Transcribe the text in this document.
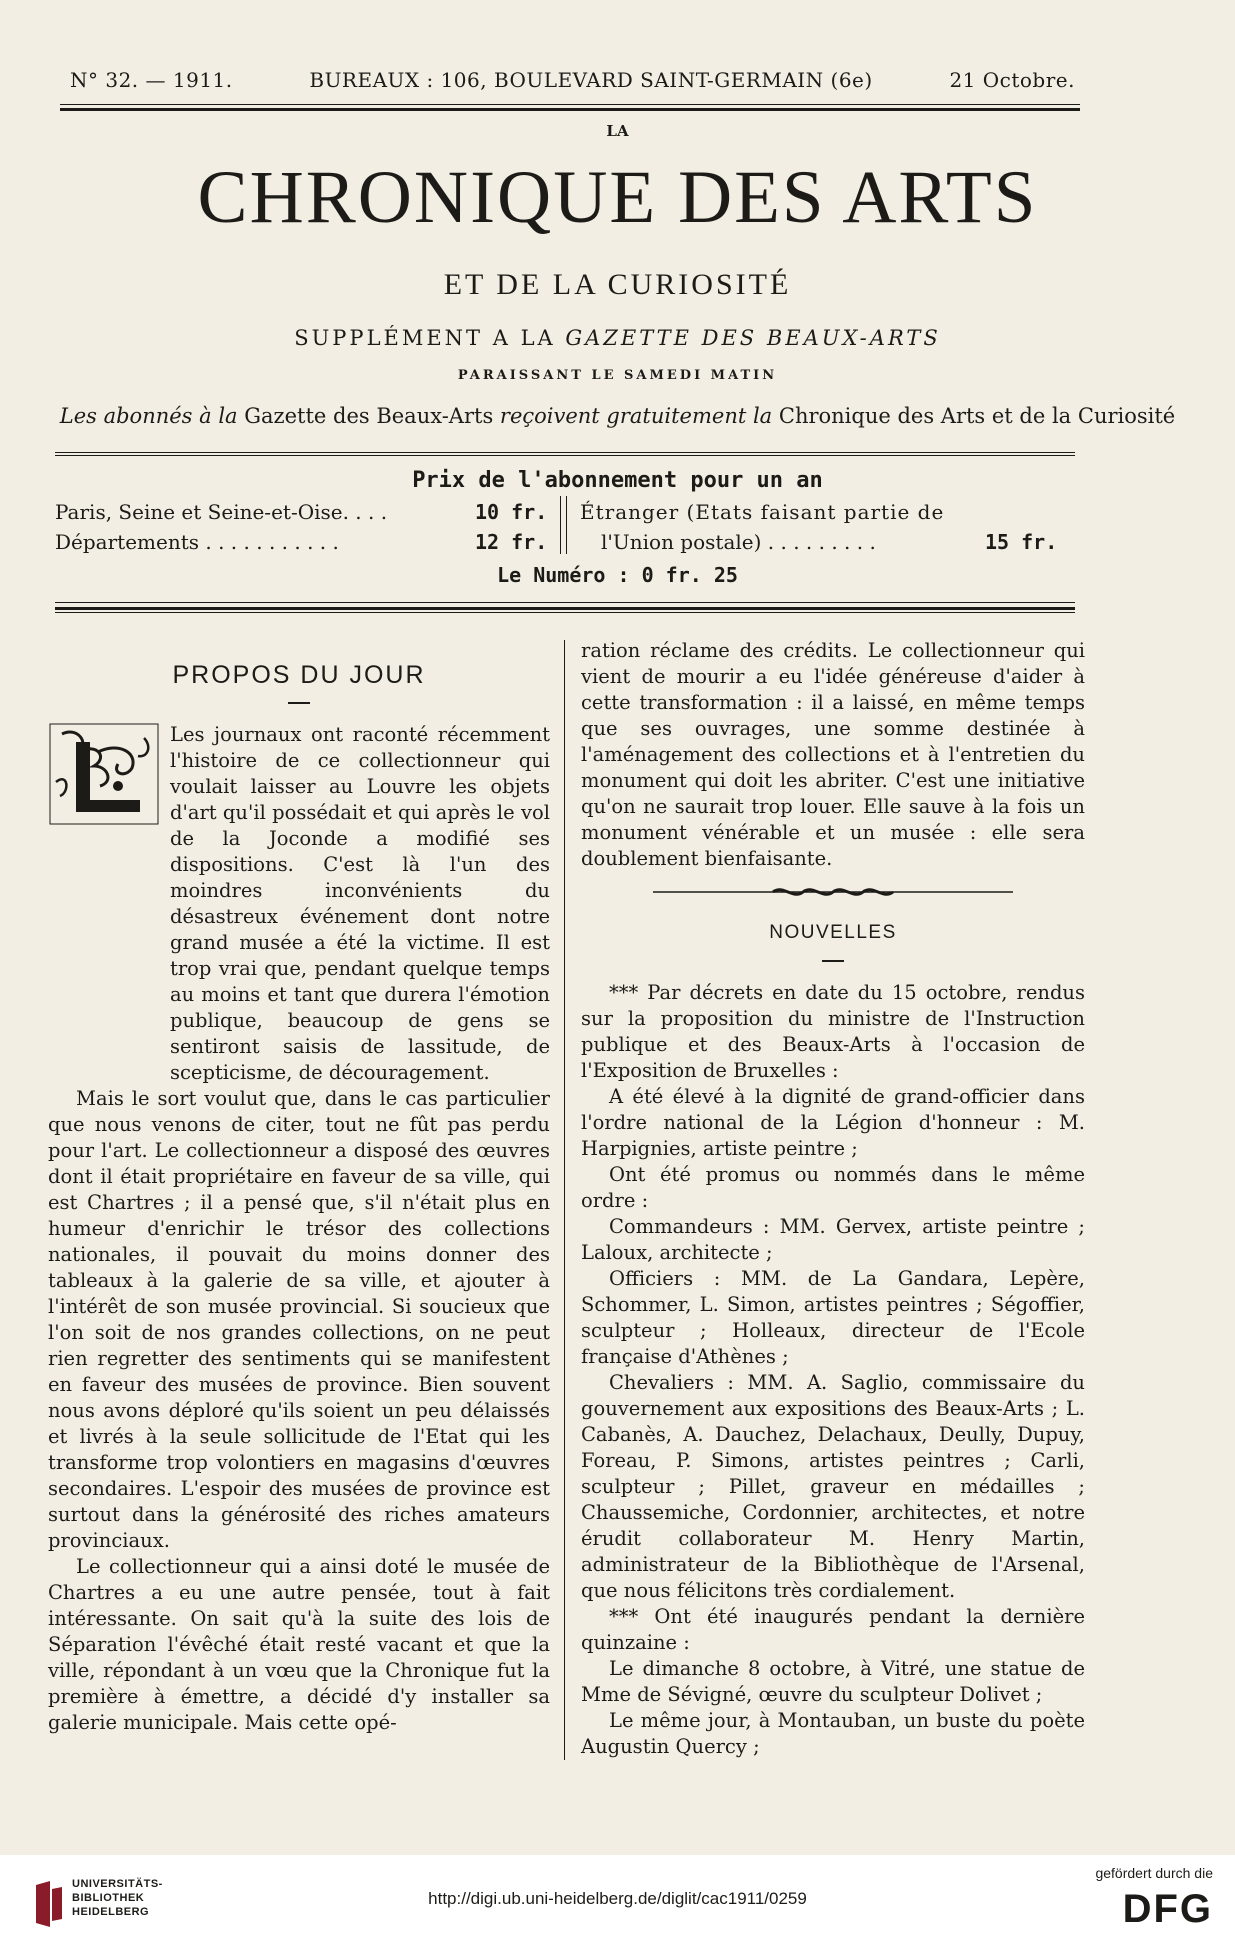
N° 32. — 1911.	BUREAUX : 106, BOULEVARD SAINT-GERMAIN (6e)	21 Octobre.
LA
CHRONIQUE DES ARTS
ET DE LA CURIOSITÉ
SUPPLÉMENT A LA GAZETTE DES BEAUX-ARTS
PARAISSANT LE SAMEDI MATIN
Les abonnés à la Gazette des Beaux-Arts reçoivent gratuitement la Chronique des Arts et de la Curiosité
Prix de l'abonnement pour un an
Paris, Seine et Seine-et-Oise. . . .	10 fr.
Départements . . . . . . . . . . .	12 fr.
Étranger (Etats faisant partie de
l'Union postale) . . . . . . . . .	15 fr.
Le Numéro : 0 fr. 25
PROPOS DU JOUR

Les journaux ont raconté récemment l'histoire de ce collectionneur qui voulait laisser au Louvre les objets d'art qu'il possédait et qui après le vol de la Joconde a modifié ses dispositions. C'est là l'un des moindres inconvénients du désastreux événement dont notre grand musée a été la victime. Il est trop vrai que, pendant quelque temps au moins et tant que durera l'émotion publique, beaucoup de gens se sentiront saisis de lassitude, de scepticisme, de découragement.

Mais le sort voulut que, dans le cas particulier que nous venons de citer, tout ne fût pas perdu pour l'art. Le collectionneur a disposé des œuvres dont il était propriétaire en faveur de sa ville, qui est Chartres ; il a pensé que, s'il n'était plus en humeur d'enrichir le trésor des collections nationales, il pouvait du moins donner des tableaux à la galerie de sa ville, et ajouter à l'intérêt de son musée provincial. Si soucieux que l'on soit de nos grandes collections, on ne peut rien regretter des sentiments qui se manifestent en faveur des musées de province. Bien souvent nous avons déploré qu'ils soient un peu délaissés et livrés à la seule sollicitude de l'Etat qui les transforme trop volontiers en magasins d'œuvres secondaires. L'espoir des musées de province est surtout dans la générosité des riches amateurs provinciaux.

Le collectionneur qui a ainsi doté le musée de Chartres a eu une autre pensée, tout à fait intéressante. On sait qu'à la suite des lois de Séparation l'évêché était resté vacant et que la ville, répondant à un vœu que la Chronique fut la première à émettre, a décidé d'y installer sa galerie municipale. Mais cette opé-

ration réclame des crédits. Le collectionneur qui vient de mourir a eu l'idée généreuse d'aider à cette transformation : il a laissé, en même temps que ses ouvrages, une somme destinée à l'aménagement des collections et à l'entretien du monument qui doit les abriter. C'est une initiative qu'on ne saurait trop louer. Elle sauve à la fois un monument vénérable et un musée : elle sera doublement bienfaisante.

NOUVELLES

*** Par décrets en date du 15 octobre, rendus sur la proposition du ministre de l'Instruction publique et des Beaux-Arts à l'occasion de l'Exposition de Bruxelles :

A été élevé à la dignité de grand-officier dans l'ordre national de la Légion d'honneur : M. Harpignies, artiste peintre ;

Ont été promus ou nommés dans le même ordre :

Commandeurs : MM. Gervex, artiste peintre ; Laloux, architecte ;

Officiers : MM. de La Gandara, Lepère, Schommer, L. Simon, artistes peintres ; Ségoffier, sculpteur ; Holleaux, directeur de l'Ecole française d'Athènes ;

Chevaliers : MM. A. Saglio, commissaire du gouvernement aux expositions des Beaux-Arts ; L. Cabanès, A. Dauchez, Delachaux, Deully, Dupuy, Foreau, P. Simons, artistes peintres ; Carli, sculpteur ; Pillet, graveur en médailles ; Chaussemiche, Cordonnier, architectes, et notre érudit collaborateur M. Henry Martin, administrateur de la Bibliothèque de l'Arsenal, que nous félicitons très cordialement.

*** Ont été inaugurés pendant la dernière quinzaine :

Le dimanche 8 octobre, à Vitré, une statue de Mme de Sévigné, œuvre du sculpteur Dolivet ;

Le même jour, à Montauban, un buste du poète Augustin Quercy ;

UNIVERSITÄTS-
BIBLIOTHEK
HEIDELBERG
http://digi.ub.uni-heidelberg.de/diglit/cac1911/0259
gefördert durch die
DFG
